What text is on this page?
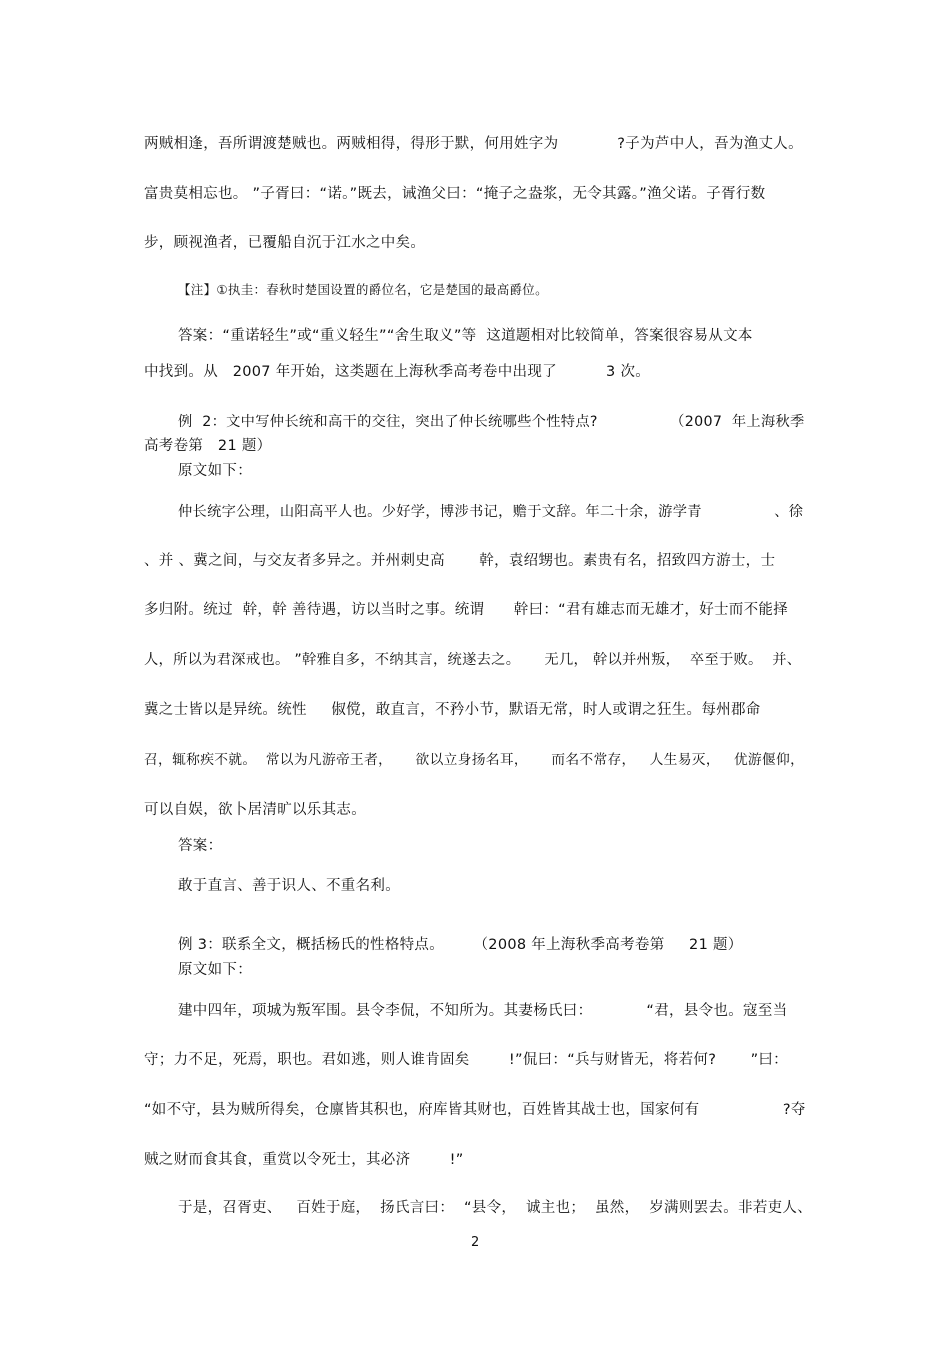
两贼相逢，吾所谓渡楚贼也。两贼相得，得形于默，何用姓字为            ?子为芦中人，吾为渔丈人。
富贵莫相忘也。 ”子胥曰：“诺。”既去，诫渔父曰：“掩子之盎浆，无令其露。”渔父诺。子胥行数
步，顾视渔者，已覆船自沉于江水之中矣。
【注】①执圭：春秋时楚国设置的爵位名，它是楚国的最高爵位。
答案：“重诺轻生”或“重义轻生”“舍生取义”等  这道题相对比较简单，答案很容易从文本
中找到。从   2007 年开始，这类题在上海秋季高考卷中出现了          3 次。
例  2：文中写仲长统和高干的交往，突出了仲长统哪些个性特点?               （2007  年上海秋季
高考卷第   21 题）
原文如下：
仲长统字公理，山阳高平人也。少好学，博涉书记，赡于文辞。年二十余，游学青               、徐
、并 、冀之间，与交友者多异之。并州刺史高       幹，袁绍甥也。素贵有名，招致四方游士，士
多归附。统过  幹，幹 善待遇，访以当时之事。统谓      幹曰：“君有雄志而无雄才，好士而不能择
人，所以为君深戒也。 ”幹雅自多，不纳其言，统遂去之。     无几， 幹以并州叛，  卒至于败。  并、
冀之士皆以是异统。统性     俶傥，敢直言，不矜小节，默语无常，时人或谓之狂生。每州郡命
召，辄称疾不就。  常以为凡游帝王者，     欲以立身扬名耳，     而名不常存，   人生易灭，   优游偃仰，
可以自娱，欲卜居清旷以乐其志。
答案：
敢于直言、善于识人、不重名利。
例 3：联系全文，概括杨氏的性格特点。      （2008 年上海秋季高考卷第     21 题）
原文如下：
建中四年，项城为叛军围。县令李侃，不知所为。其妻杨氏曰：           “君，县令也。寇至当
守；力不足，死焉，职也。君如逃，则人谁肯固矣        !”侃曰：“兵与财皆无，将若何?       ”曰：
“如不守，县为贼所得矣，仓廪皆其积也，府库皆其财也，百姓皆其战士也，国家何有                 ?夺
贼之财而食其食，重赏以令死士，其必济        !”
于是，召胥吏、   百姓于庭，  扬氏言曰：  “县令，  诚主也；  虽然，  岁满则罢去。非若吏人、
2
